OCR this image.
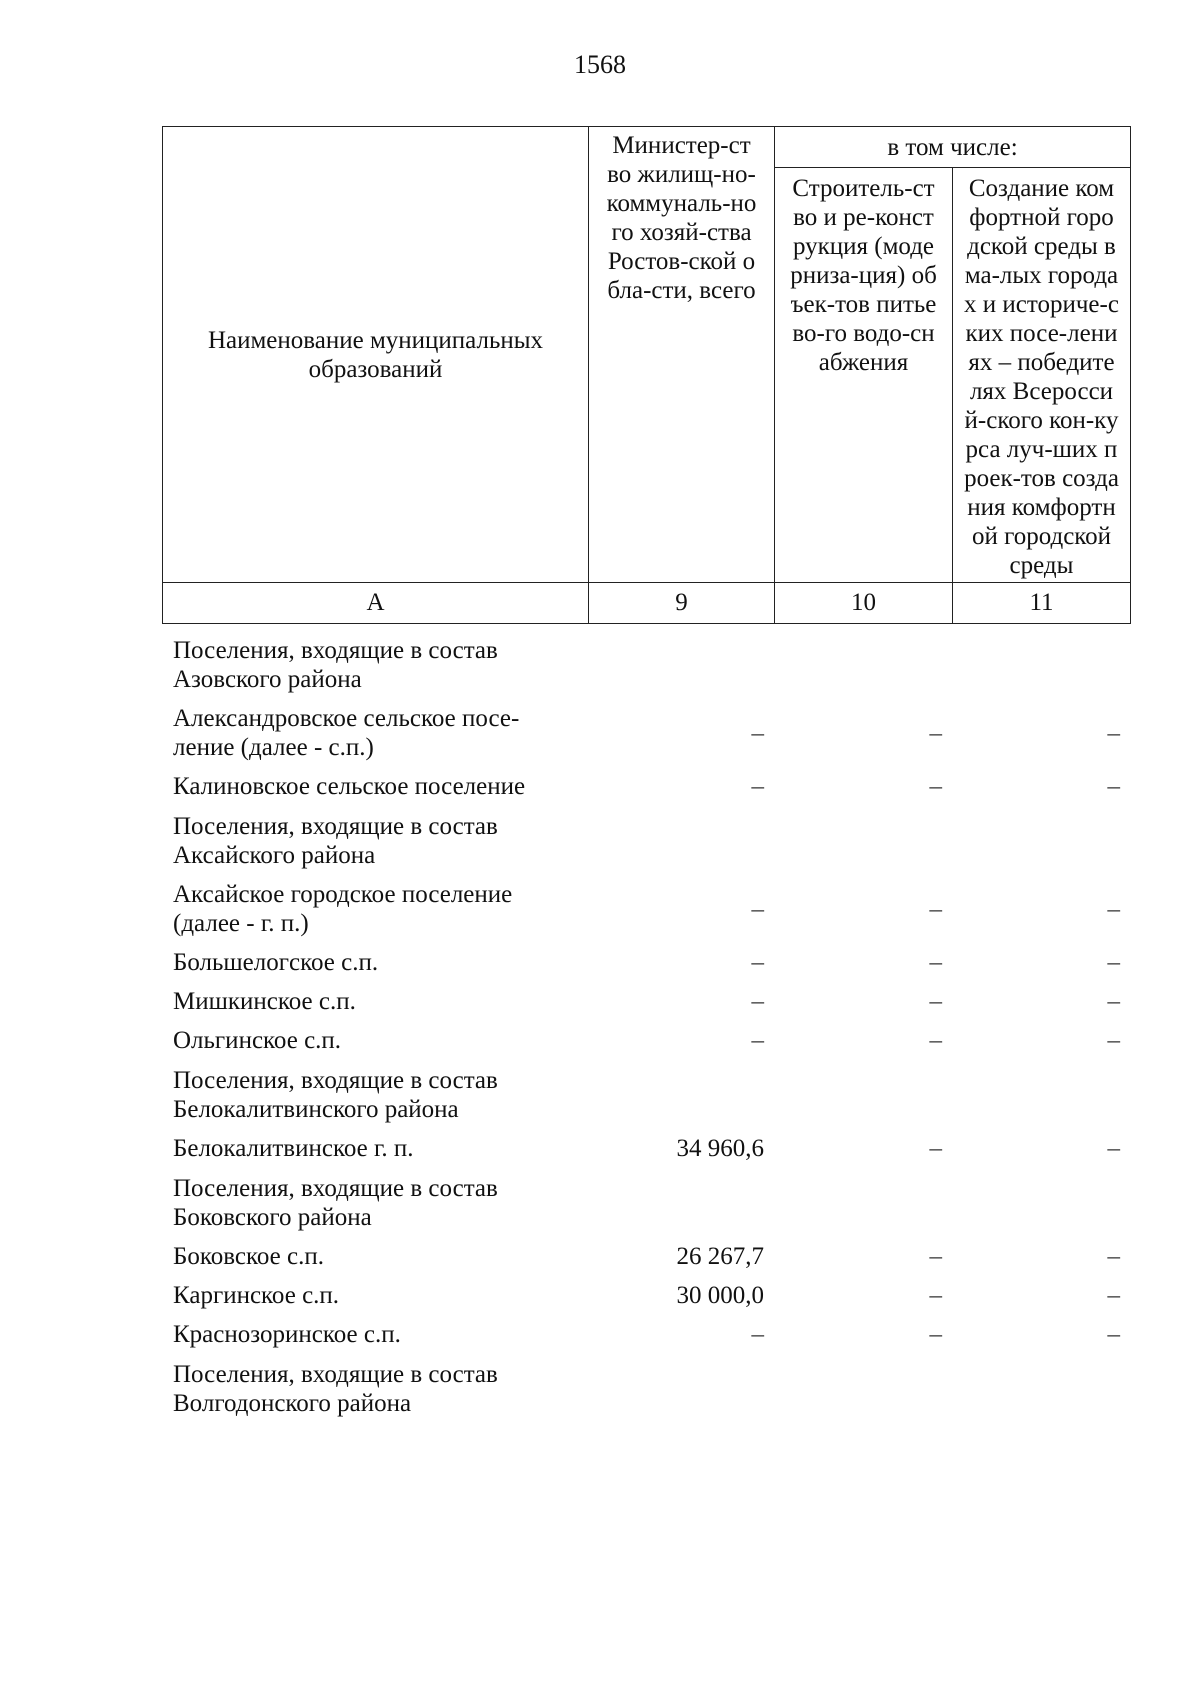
1568
Наименование муниципальных образований	Министер-ство жилищ-но-коммуналь-ного хозяй-ства Ростов-ской обла-сти, всего	в том числе:	

		Строитель-ство и ре-конструкция (модерниза-ция) объек-тов питьево-го водо-снабжения	Создание комфортной городской среды в ма-лых городах и историче-ских посе-лениях – победителях Всероссий-ского кон-курса луч-ших проек-тов создания комфортной городской среды

А	9	10	11
Поселения, входящие в состав Азовского района			
Александровское сельское посе-ление (далее - с.п.)	–	–	–
Калиновское сельское поселение	–	–	–
Поселения, входящие в состав Аксайского района			
Аксайское городское поселение (далее - г. п.)	–	–	–
Большелогское с.п.	–	–	–
Мишкинское с.п.	–	–	–
Ольгинское с.п.	–	–	–
Поселения, входящие в состав Белокалитвинского района			
Белокалитвинское г. п.	34 960,6	–	–
Поселения, входящие в состав Боковского района			
Боковское с.п.	26 267,7	–	–
Каргинское с.п.	30 000,0	–	–
Краснозоринское с.п.	–	–	–
Поселения, входящие в состав Волгодонского района			
